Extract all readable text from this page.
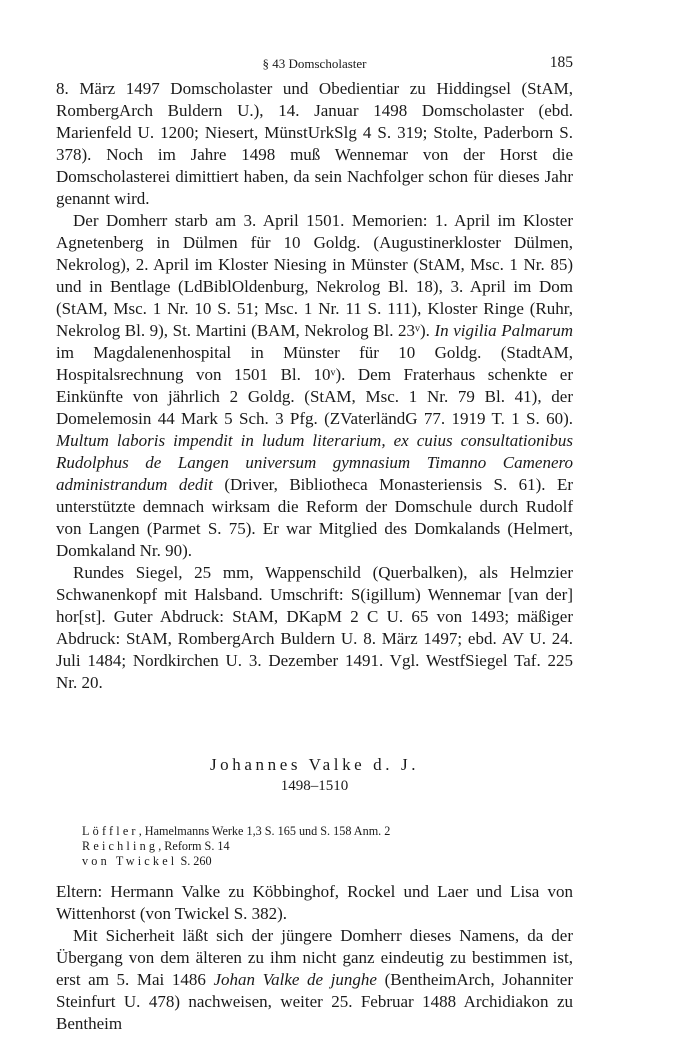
§ 43 Domscholaster	185

8. März 1497 Domscholaster und Obedientiar zu Hiddingsel (StAM, RombergArch Buldern U.), 14. Januar 1498 Domscholaster (ebd. Marienfeld U. 1200; Niesert, MünstUrkSlg 4 S. 319; Stolte, Paderborn S. 378). Noch im Jahre 1498 muß Wennemar von der Horst die Domscholasterei dimittiert haben, da sein Nachfolger schon für dieses Jahr genannt wird.

Der Domherr starb am 3. April 1501. Memorien: 1. April im Kloster Agnetenberg in Dülmen für 10 Goldg. (Augustinerkloster Dülmen, Nekrolog), 2. April im Kloster Niesing in Münster (StAM, Msc. 1 Nr. 85) und in Bentlage (LdBiblOldenburg, Nekrolog Bl. 18), 3. April im Dom (StAM, Msc. 1 Nr. 10 S. 51; Msc. 1 Nr. 11 S. 111), Kloster Ringe (Ruhr, Nekrolog Bl. 9), St. Martini (BAM, Nekrolog Bl. 23ᵛ). In vigilia Palmarum im Magdalenenhospital in Münster für 10 Goldg. (StadtAM, Hospitalsrechnung von 1501 Bl. 10ᵛ). Dem Fraterhaus schenkte er Einkünfte von jährlich 2 Goldg. (StAM, Msc. 1 Nr. 79 Bl. 41), der Domelemosin 44 Mark 5 Sch. 3 Pfg. (ZVaterländG 77. 1919 T. 1 S. 60). Multum laboris impendit in ludum literarium, ex cuius consultationibus Rudolphus de Langen universum gymnasium Timanno Camenero administrandum dedit (Driver, Bibliotheca Monasteriensis S. 61). Er unterstützte demnach wirksam die Reform der Domschule durch Rudolf von Langen (Parmet S. 75). Er war Mitglied des Domkalands (Helmert, Domkaland Nr. 90).

Rundes Siegel, 25 mm, Wappenschild (Querbalken), als Helmzier Schwanenkopf mit Halsband. Umschrift: S(igillum) Wennemar [van der] hor[st]. Guter Abdruck: StAM, DKapM 2 C U. 65 von 1493; mäßiger Abdruck: StAM, RombergArch Buldern U. 8. März 1497; ebd. AV U. 24. Juli 1484; Nordkirchen U. 3. Dezember 1491. Vgl. WestfSiegel Taf. 225 Nr. 20.

Johannes Valke d. J.
1498–1510
Löffler, Hamelmanns Werke 1,3 S. 165 und S. 158 Anm. 2
Reichling, Reform S. 14
von Twickel S. 260

Eltern: Hermann Valke zu Köbbinghof, Rockel und Laer und Lisa von Wittenhorst (von Twickel S. 382).

Mit Sicherheit läßt sich der jüngere Domherr dieses Namens, da der Übergang von dem älteren zu ihm nicht ganz eindeutig zu bestimmen ist, erst am 5. Mai 1486 Johan Valke de junghe (BentheimArch, Johanniter Steinfurt U. 478) nachweisen, weiter 25. Februar 1488 Archidiakon zu Bentheim
